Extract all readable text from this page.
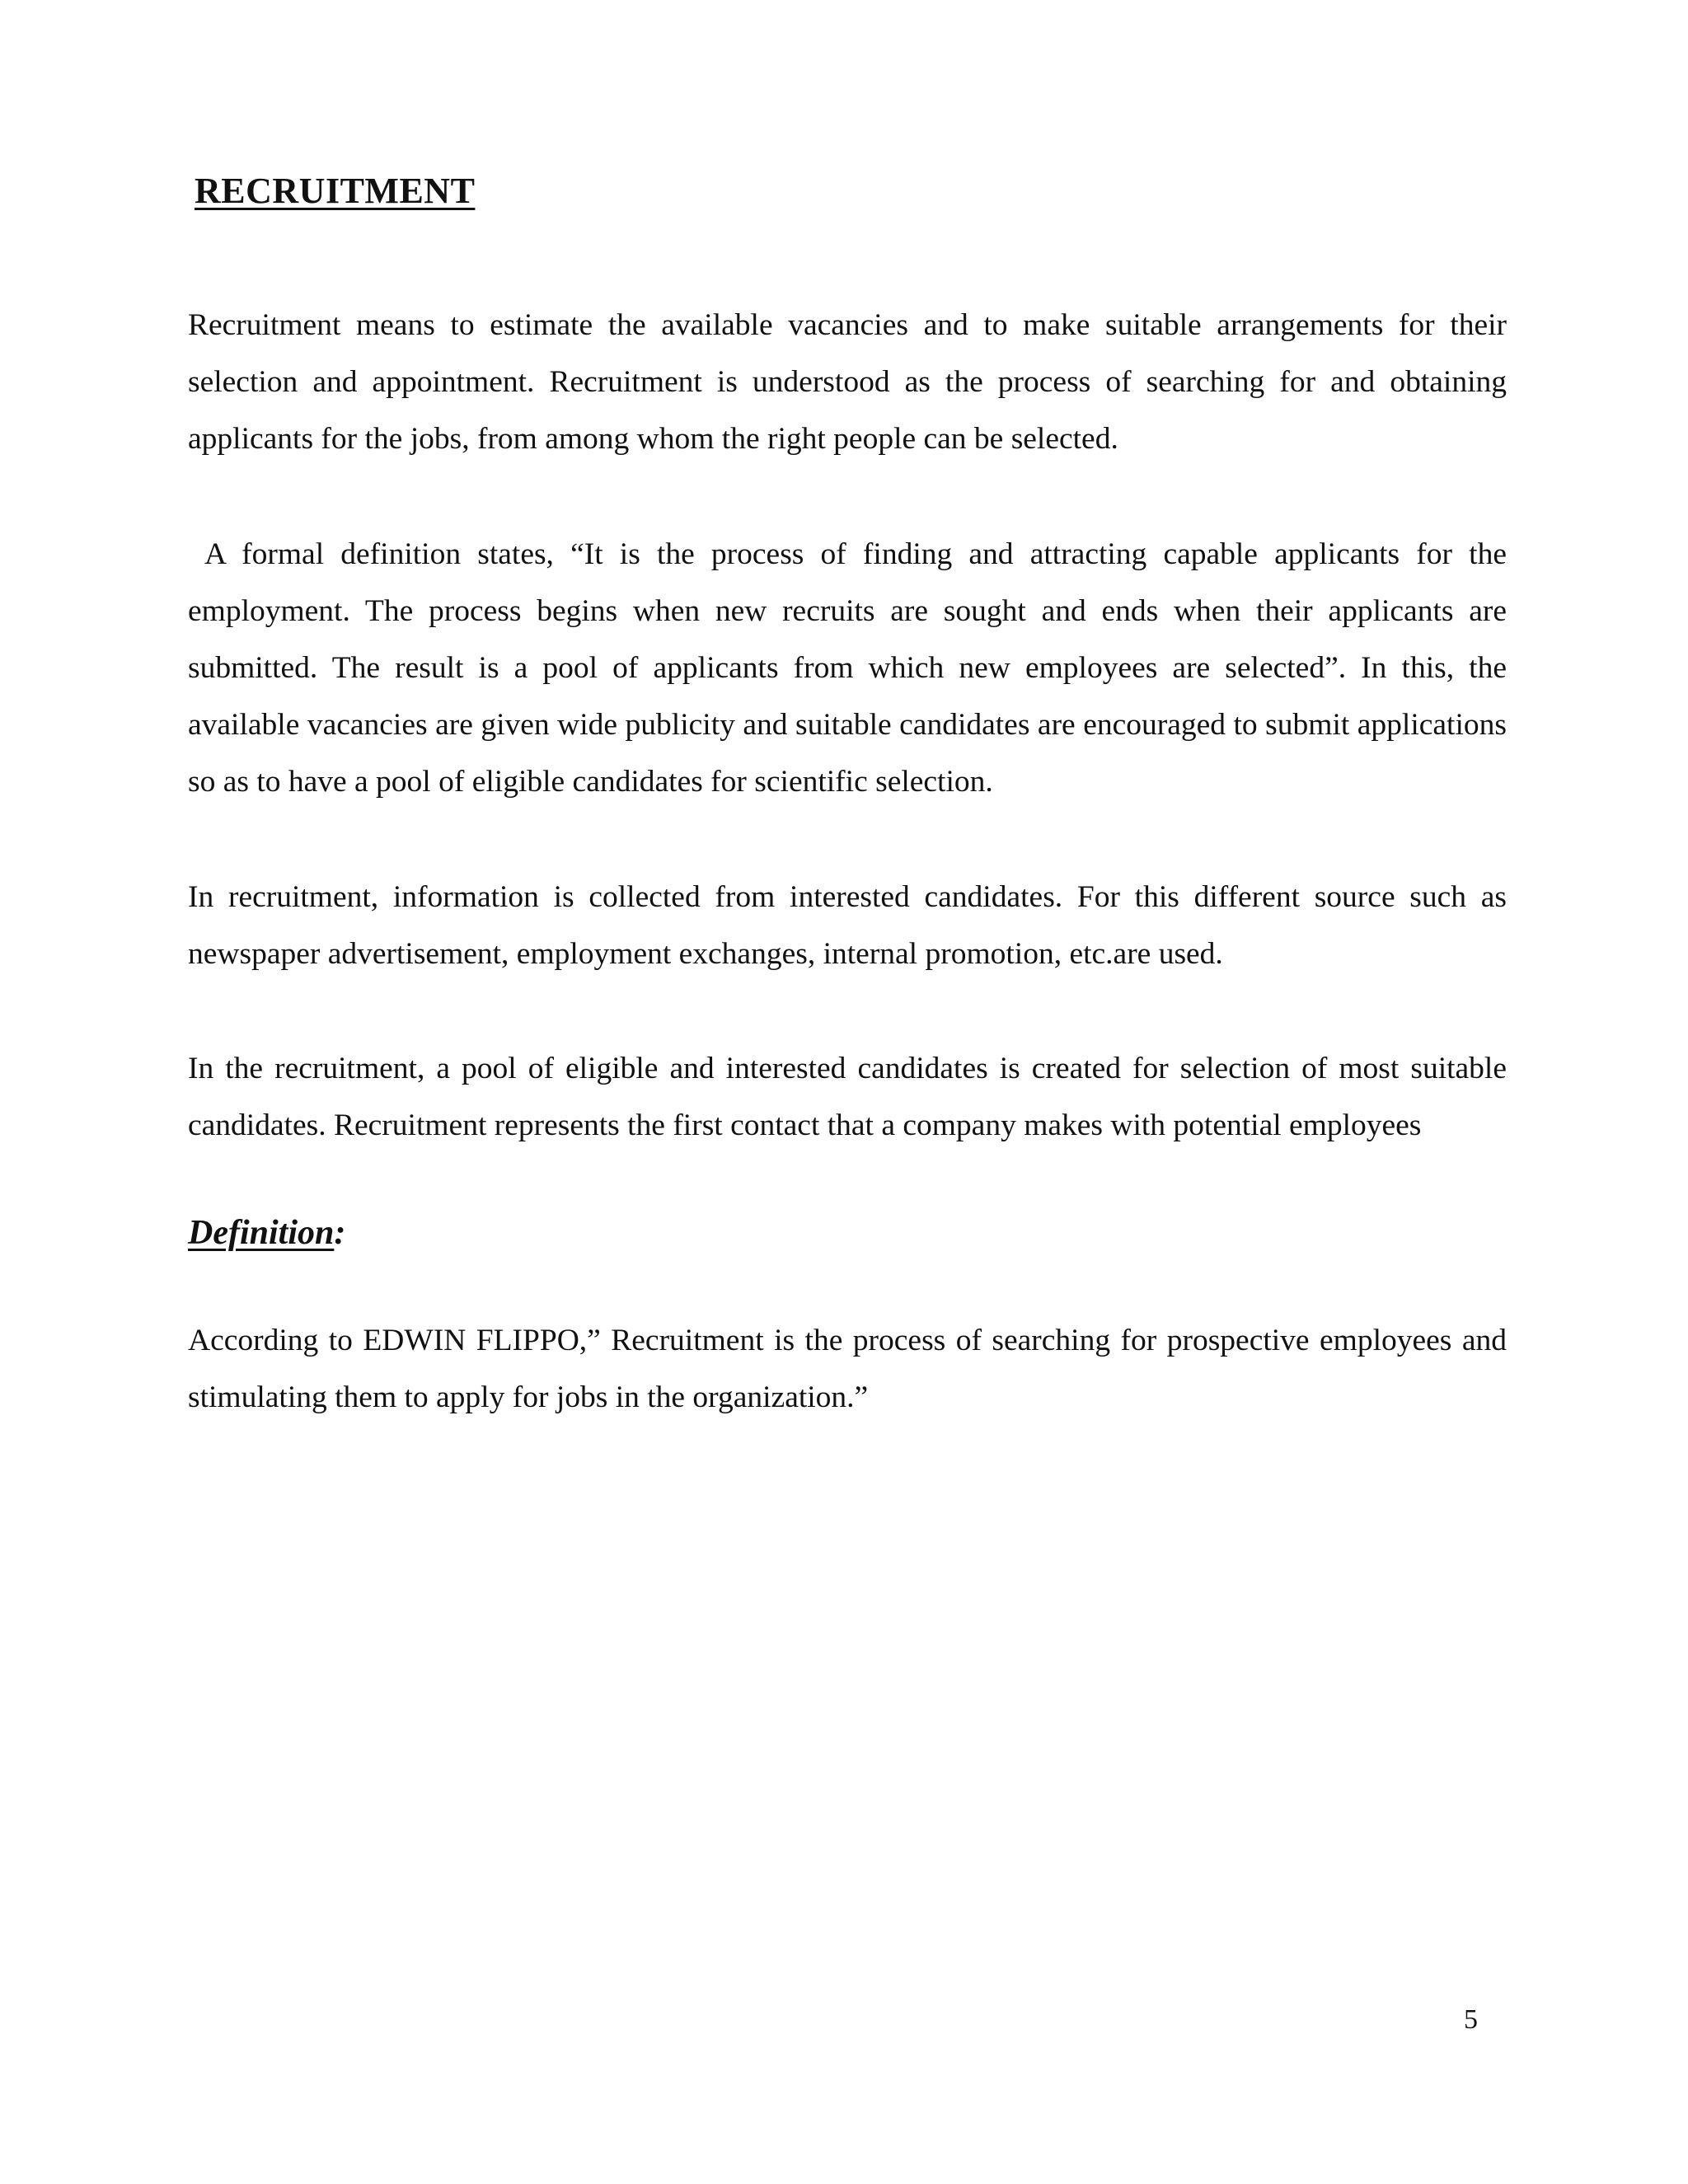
RECRUITMENT

Recruitment means to estimate the available vacancies and to make suitable arrangements for their selection and appointment. Recruitment is understood as the process of searching for and obtaining applicants for the jobs, from among whom the right people can be selected.

A formal definition states, “It is the process of finding and attracting capable applicants for the employment. The process begins when new recruits are sought and ends when their applicants are submitted. The result is a pool of applicants from which new employees are selected”. In this, the available vacancies are given wide publicity and suitable candidates are encouraged to submit applications so as to have a pool of eligible candidates for scientific selection.

In recruitment, information is collected from interested candidates. For this different source such as newspaper advertisement, employment exchanges, internal promotion, etc.are used.

In the recruitment, a pool of eligible and interested candidates is created for selection of most suitable candidates. Recruitment represents the first contact that a company makes with potential employees

Definition:

According to EDWIN FLIPPO,” Recruitment is the process of searching for prospective employees and stimulating them to apply for jobs in the organization.”

5
